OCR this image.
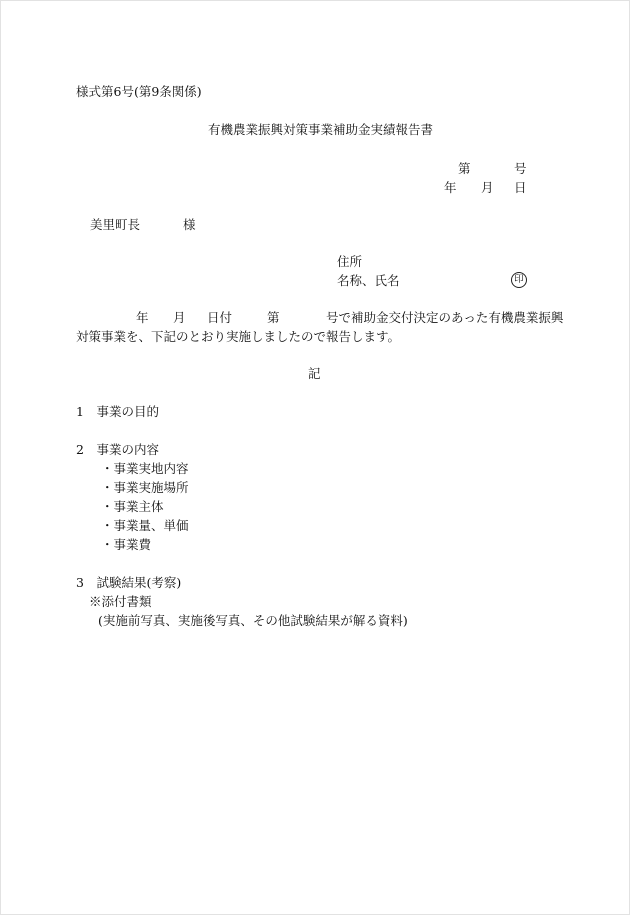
様式第6号(第9条関係)
有機農業振興対策事業補助金実績報告書
第	号
年 月 日
美里町長	様
住所
名称、氏名	印
年 月 日付	第	号で補助金交付決定のあった有機農業振興
対策事業を、下記のとおり実施しましたので報告します。
記
1　事業の目的
2　事業の内容
・事業実地内容
・事業実施場所
・事業主体
・事業量、単価
・事業費
3　試験結果(考察)
※添付書類
(実施前写真、実施後写真、その他試験結果が解る資料)
